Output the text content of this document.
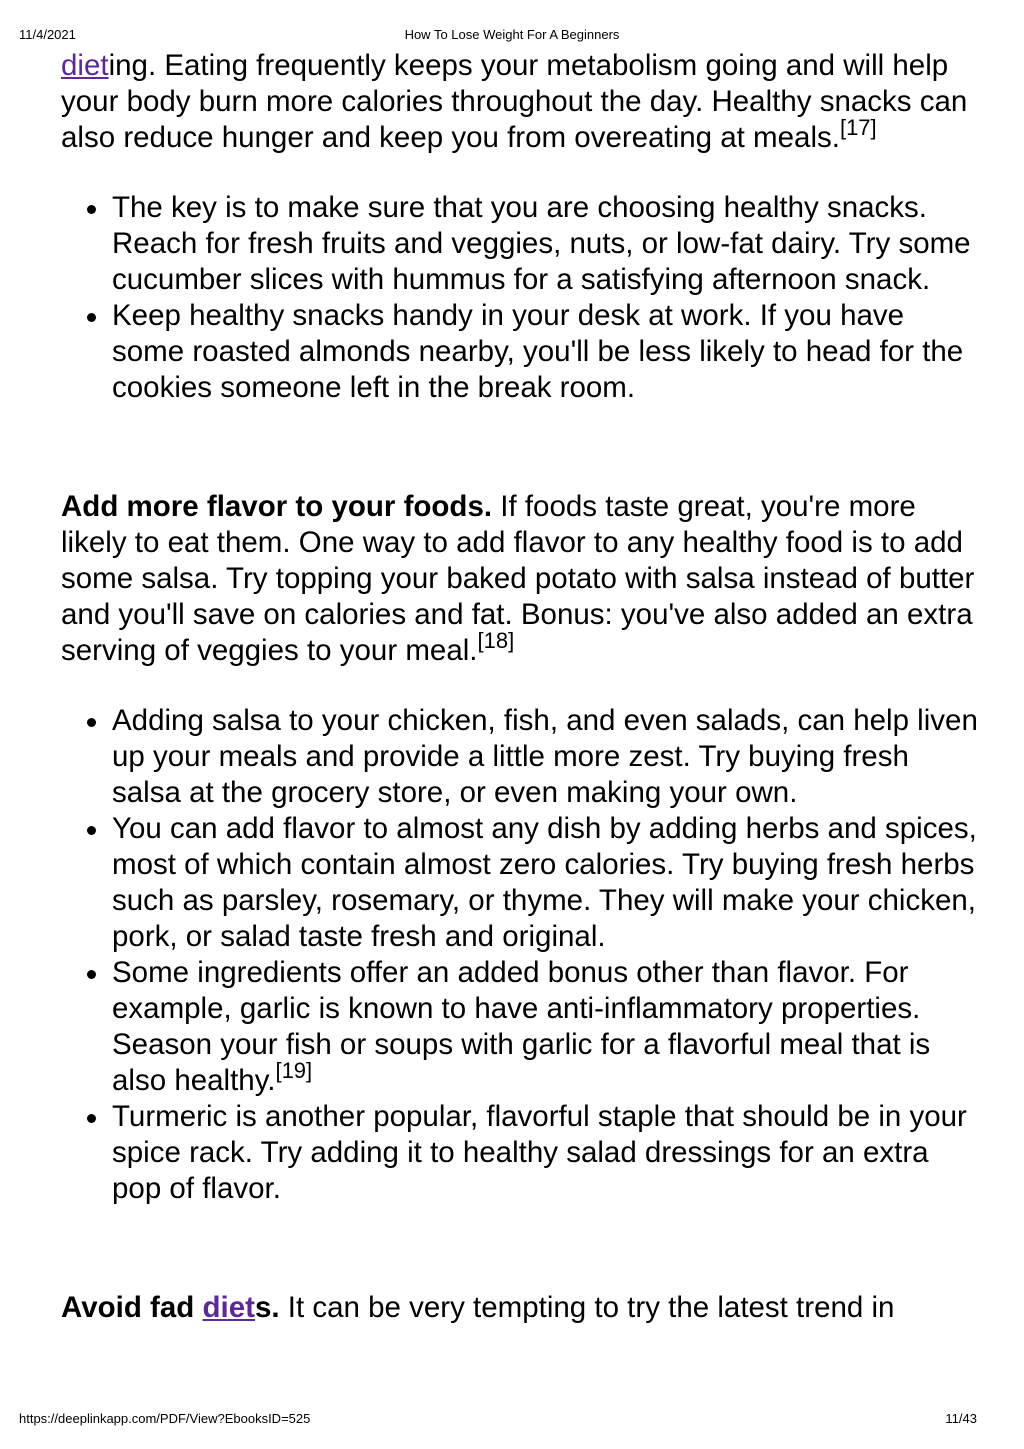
11/4/2021	How To Lose Weight For A Beginners

dieting. Eating frequently keeps your metabolism going and will help your body burn more calories throughout the day. Healthy snacks can also reduce hunger and keep you from overeating at meals.[17]

The key is to make sure that you are choosing healthy snacks. Reach for fresh fruits and veggies, nuts, or low-fat dairy. Try some cucumber slices with hummus for a satisfying afternoon snack.
Keep healthy snacks handy in your desk at work. If you have some roasted almonds nearby, you'll be less likely to head for the cookies someone left in the break room.

Add more flavor to your foods. If foods taste great, you're more likely to eat them. One way to add flavor to any healthy food is to add some salsa. Try topping your baked potato with salsa instead of butter and you'll save on calories and fat. Bonus: you've also added an extra serving of veggies to your meal.[18]

Adding salsa to your chicken, fish, and even salads, can help liven up your meals and provide a little more zest. Try buying fresh salsa at the grocery store, or even making your own.
You can add flavor to almost any dish by adding herbs and spices, most of which contain almost zero calories. Try buying fresh herbs such as parsley, rosemary, or thyme. They will make your chicken, pork, or salad taste fresh and original.
Some ingredients offer an added bonus other than flavor. For example, garlic is known to have anti-inflammatory properties. Season your fish or soups with garlic for a flavorful meal that is also healthy.[19]
Turmeric is another popular, flavorful staple that should be in your spice rack. Try adding it to healthy salad dressings for an extra pop of flavor.

Avoid fad diets. It can be very tempting to try the latest trend in

https://deeplinkapp.com/PDF/View?EbooksID=525	11/43
